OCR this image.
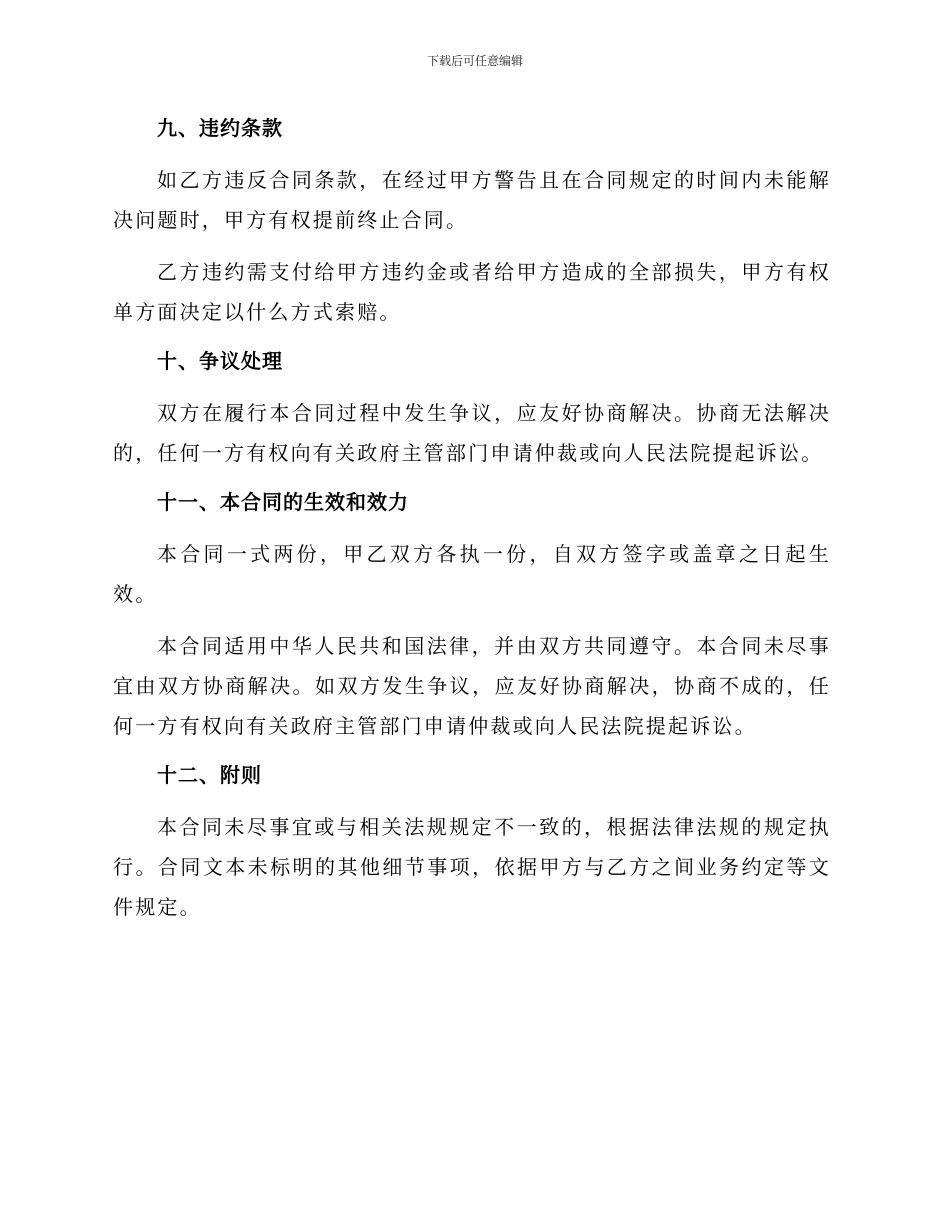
下载后可任意编辑
九、违约条款

如乙方违反合同条款，在经过甲方警告且在合同规定的时间内未能解决问题时，甲方有权提前终止合同。

乙方违约需支付给甲方违约金或者给甲方造成的全部损失，甲方有权单方面决定以什么方式索赔。

十、争议处理

双方在履行本合同过程中发生争议，应友好协商解决。协商无法解决的，任何一方有权向有关政府主管部门申请仲裁或向人民法院提起诉讼。

十一、本合同的生效和效力

本合同一式两份，甲乙双方各执一份，自双方签字或盖章之日起生效。

本合同适用中华人民共和国法律，并由双方共同遵守。本合同未尽事宜由双方协商解决。如双方发生争议，应友好协商解决，协商不成的，任何一方有权向有关政府主管部门申请仲裁或向人民法院提起诉讼。

十二、附则

本合同未尽事宜或与相关法规规定不一致的，根据法律法规的规定执行。合同文本未标明的其他细节事项，依据甲方与乙方之间业务约定等文件规定。
